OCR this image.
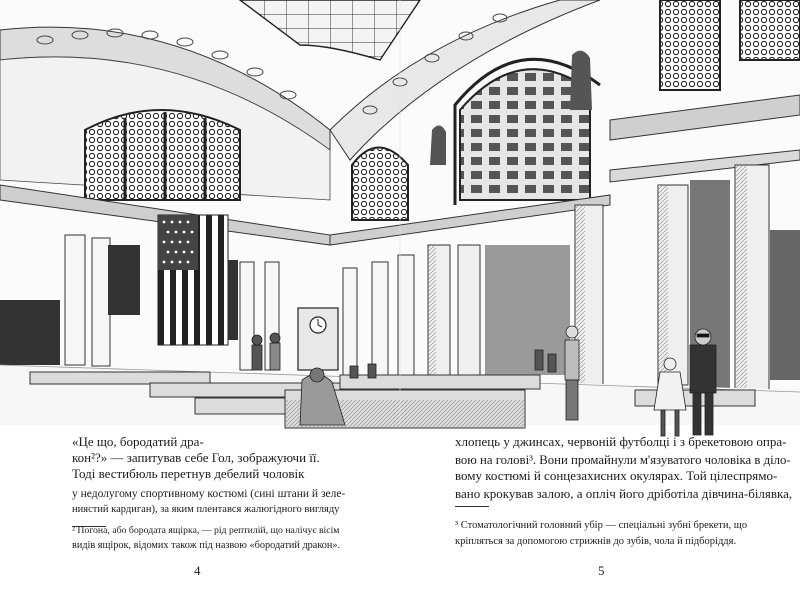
«Це що, бородатий дра-
кон²?» — запитував себе Гол, зображуючи її.
Тоді вестибюль перетнув дебелий чоловік
у недолугому спортивному костюмі (сині штани й зеле-
ниястий кардиган), за яким плентався жалюгідного вигляду
² Погона, або бородата ящірка, — рід рептилій, що налічує вісім
видів ящірок, відомих також під назвою «бородатий дракон».
4
хлопець у джинсах, червоній футболці і з брекетовою опра-
вою на голові³. Вони промайнули м'язуватого чоловіка в діло-
вому костюмі й сонцезахисних окулярах. Той цілеспрямо-
вано крокував залою, а опліч його дріботіла дівчина-білявка,
³ Стоматологічний головний убір — спеціальні зубні брекети, що
кріпляться за допомогою стрижнів до зубів, чола й підборіддя.
5
